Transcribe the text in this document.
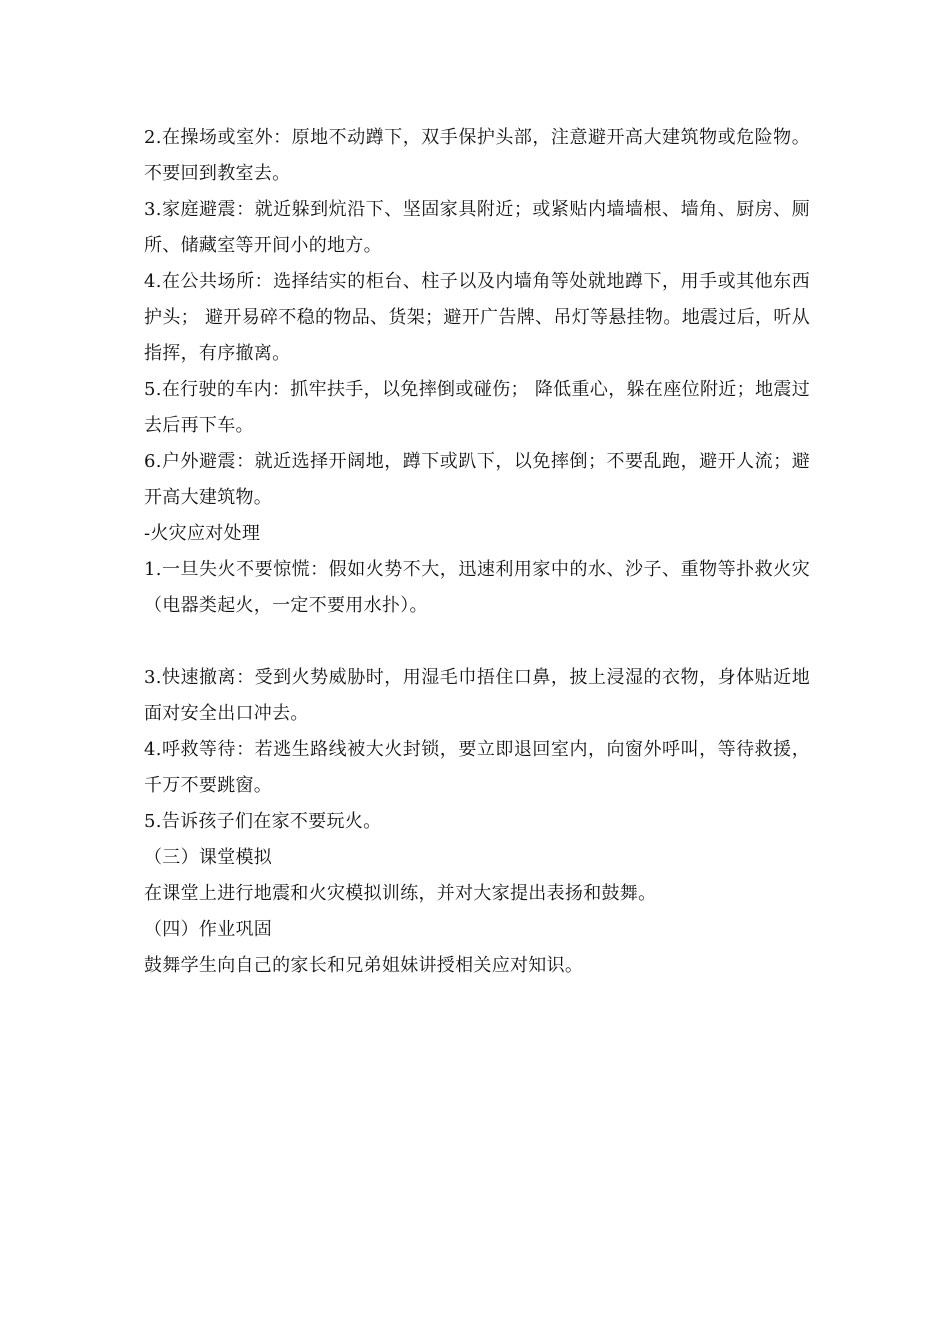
2.在操场或室外：原地不动蹲下，双手保护头部，注意避开高大建筑物或危险物。不要回到教室去。

3.家庭避震：就近躲到炕沿下、坚固家具附近；或紧贴内墙墙根、墙角、厨房、厕所、储藏室等开间小的地方。

4.在公共场所：选择结实的柜台、柱子以及内墙角等处就地蹲下，用手或其他东西护头； 避开易碎不稳的物品、货架；避开广告牌、吊灯等悬挂物。地震过后，听从指挥，有序撤离。

5.在行驶的车内：抓牢扶手，以免摔倒或碰伤； 降低重心，躲在座位附近；地震过去后再下车。

6.户外避震：就近选择开阔地，蹲下或趴下，以免摔倒；不要乱跑，避开人流；避开高大建筑物。

-火灾应对处理

1.一旦失火不要惊慌：假如火势不大，迅速利用家中的水、沙子、重物等扑救火灾（电器类起火，一定不要用水扑）。

3.快速撤离：受到火势威胁时，用湿毛巾捂住口鼻，披上浸湿的衣物，身体贴近地面对安全出口冲去。

4.呼救等待：若逃生路线被大火封锁，要立即退回室内，向窗外呼叫，等待救援，千万不要跳窗。

5.告诉孩子们在家不要玩火。

（三）课堂模拟

在课堂上进行地震和火灾模拟训练，并对大家提出表扬和鼓舞。

（四）作业巩固

鼓舞学生向自己的家长和兄弟姐妹讲授相关应对知识。
